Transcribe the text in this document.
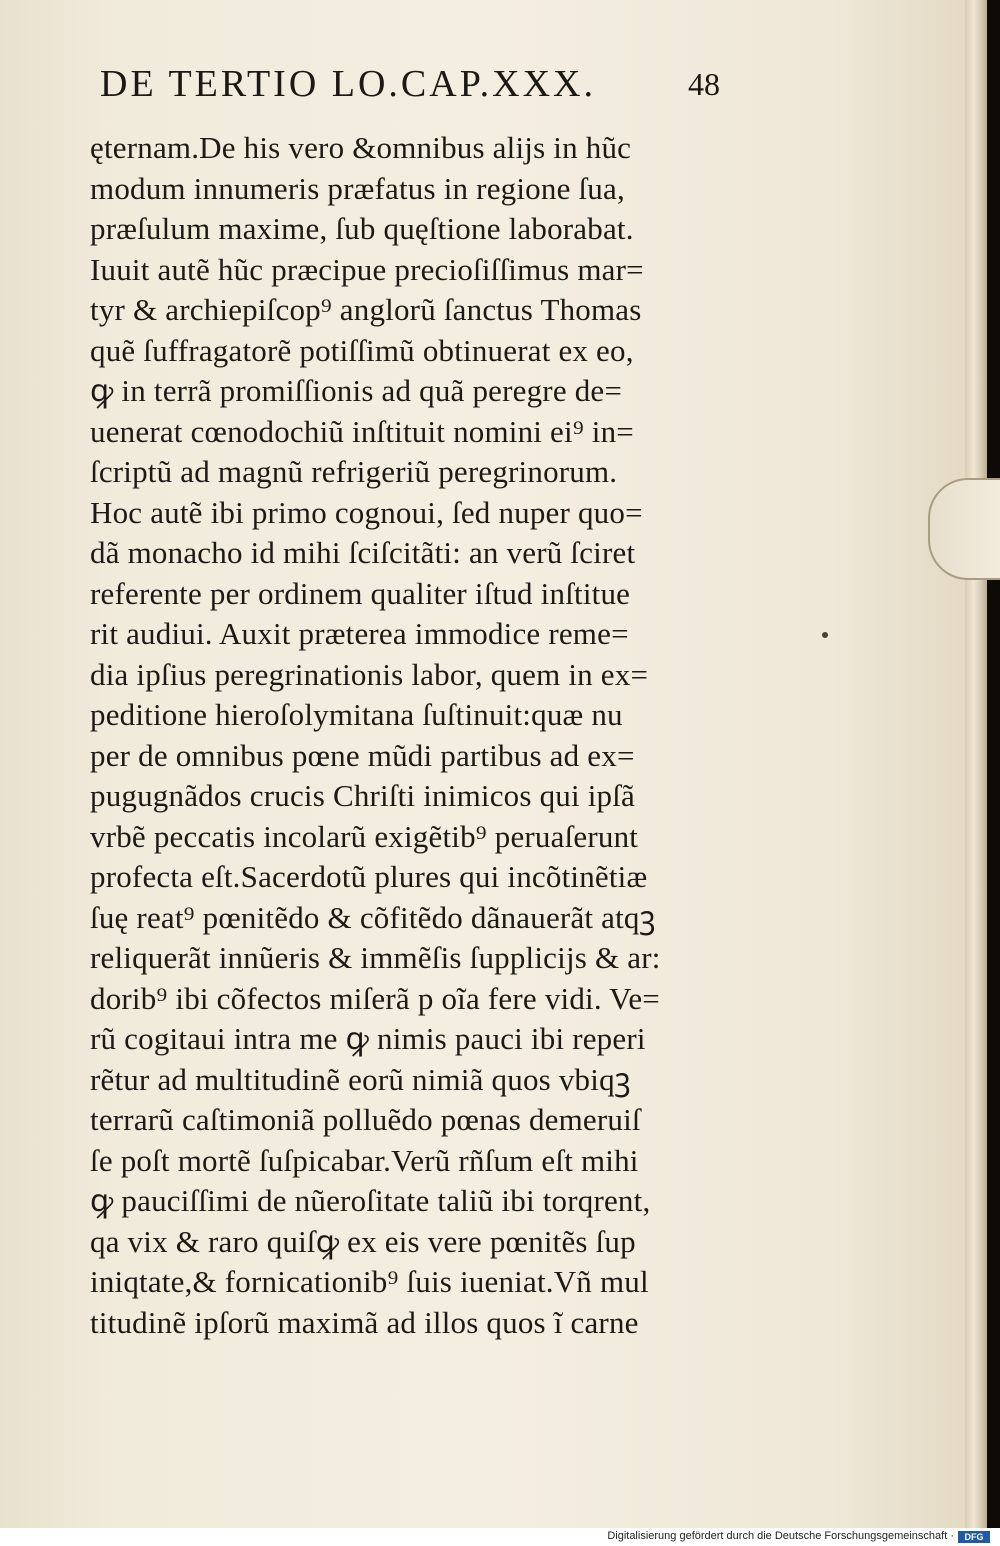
DE TERTIO LO.CAP.XXX.	48
ęternam.De his vero &omnibus alijs in hũc
modum innumeris præfatus in regione ſua,
præſulum maxime, ſub quęſtione laborabat.
Iuuit autẽ hũc præcipue precioſiſſimus mar=
tyr & archiepiſcop⁹ anglorũ ſanctus Thomas
quẽ ſuffragatorẽ potiſſimũ obtinuerat ex eo,
ꝙ in terrã promiſſionis ad quã peregre de=
uenerat cœnodochiũ inſtituit nomini ei⁹ in=
ſcriptũ ad magnũ refrigeriũ peregrinorum.
Hoc autẽ ibi primo cognoui, ſed nuper quo=
dã monacho id mihi ſciſcitãti: an verũ ſciret
referente per ordinem qualiter iſtud inſtitue
rit audiui. Auxit præterea immodice reme=
dia ipſius peregrinationis labor, quem in ex=
peditione hieroſolymitana ſuſtinuit:quæ nu
per de omnibus pœne mũdi partibus ad ex=
pugugnãdos crucis Chriſti inimicos qui ipſã
vrbẽ peccatis incolarũ exigẽtib⁹ peruaſerunt
profecta eſt.Sacerdotũ plures qui incõtinẽtiæ
ſuę reat⁹ pœnitẽdo & cõfitẽdo dãnauerãt atqꝫ
reliquerãt innũeris & immẽſis ſupplicijs & ar:
dorib⁹ ibi cõfectos miſerã p oĩa fere vidi. Ve=
rũ cogitaui intra me ꝙ nimis pauci ibi reperi
rẽtur ad multitudinẽ eorũ nimiã quos vbiqꝫ
terrarũ caſtimoniã polluẽdo pœnas demeruiſ
ſe poſt mortẽ ſuſpicabar.Verũ rñſum eſt mihi
ꝙ pauciſſimi de nũeroſitate taliũ ibi torqrent,
qa vix & raro quiſꝙ ex eis vere pœnitẽs ſup
iniqtate,& fornicationib⁹ ſuis iueniat.Vñ mul
titudinẽ ipſorũ maximã ad illos quos ĩ carne
Digitalisierung gefördert durch die Deutsche Forschungsgemeinschaft ·	DFG
